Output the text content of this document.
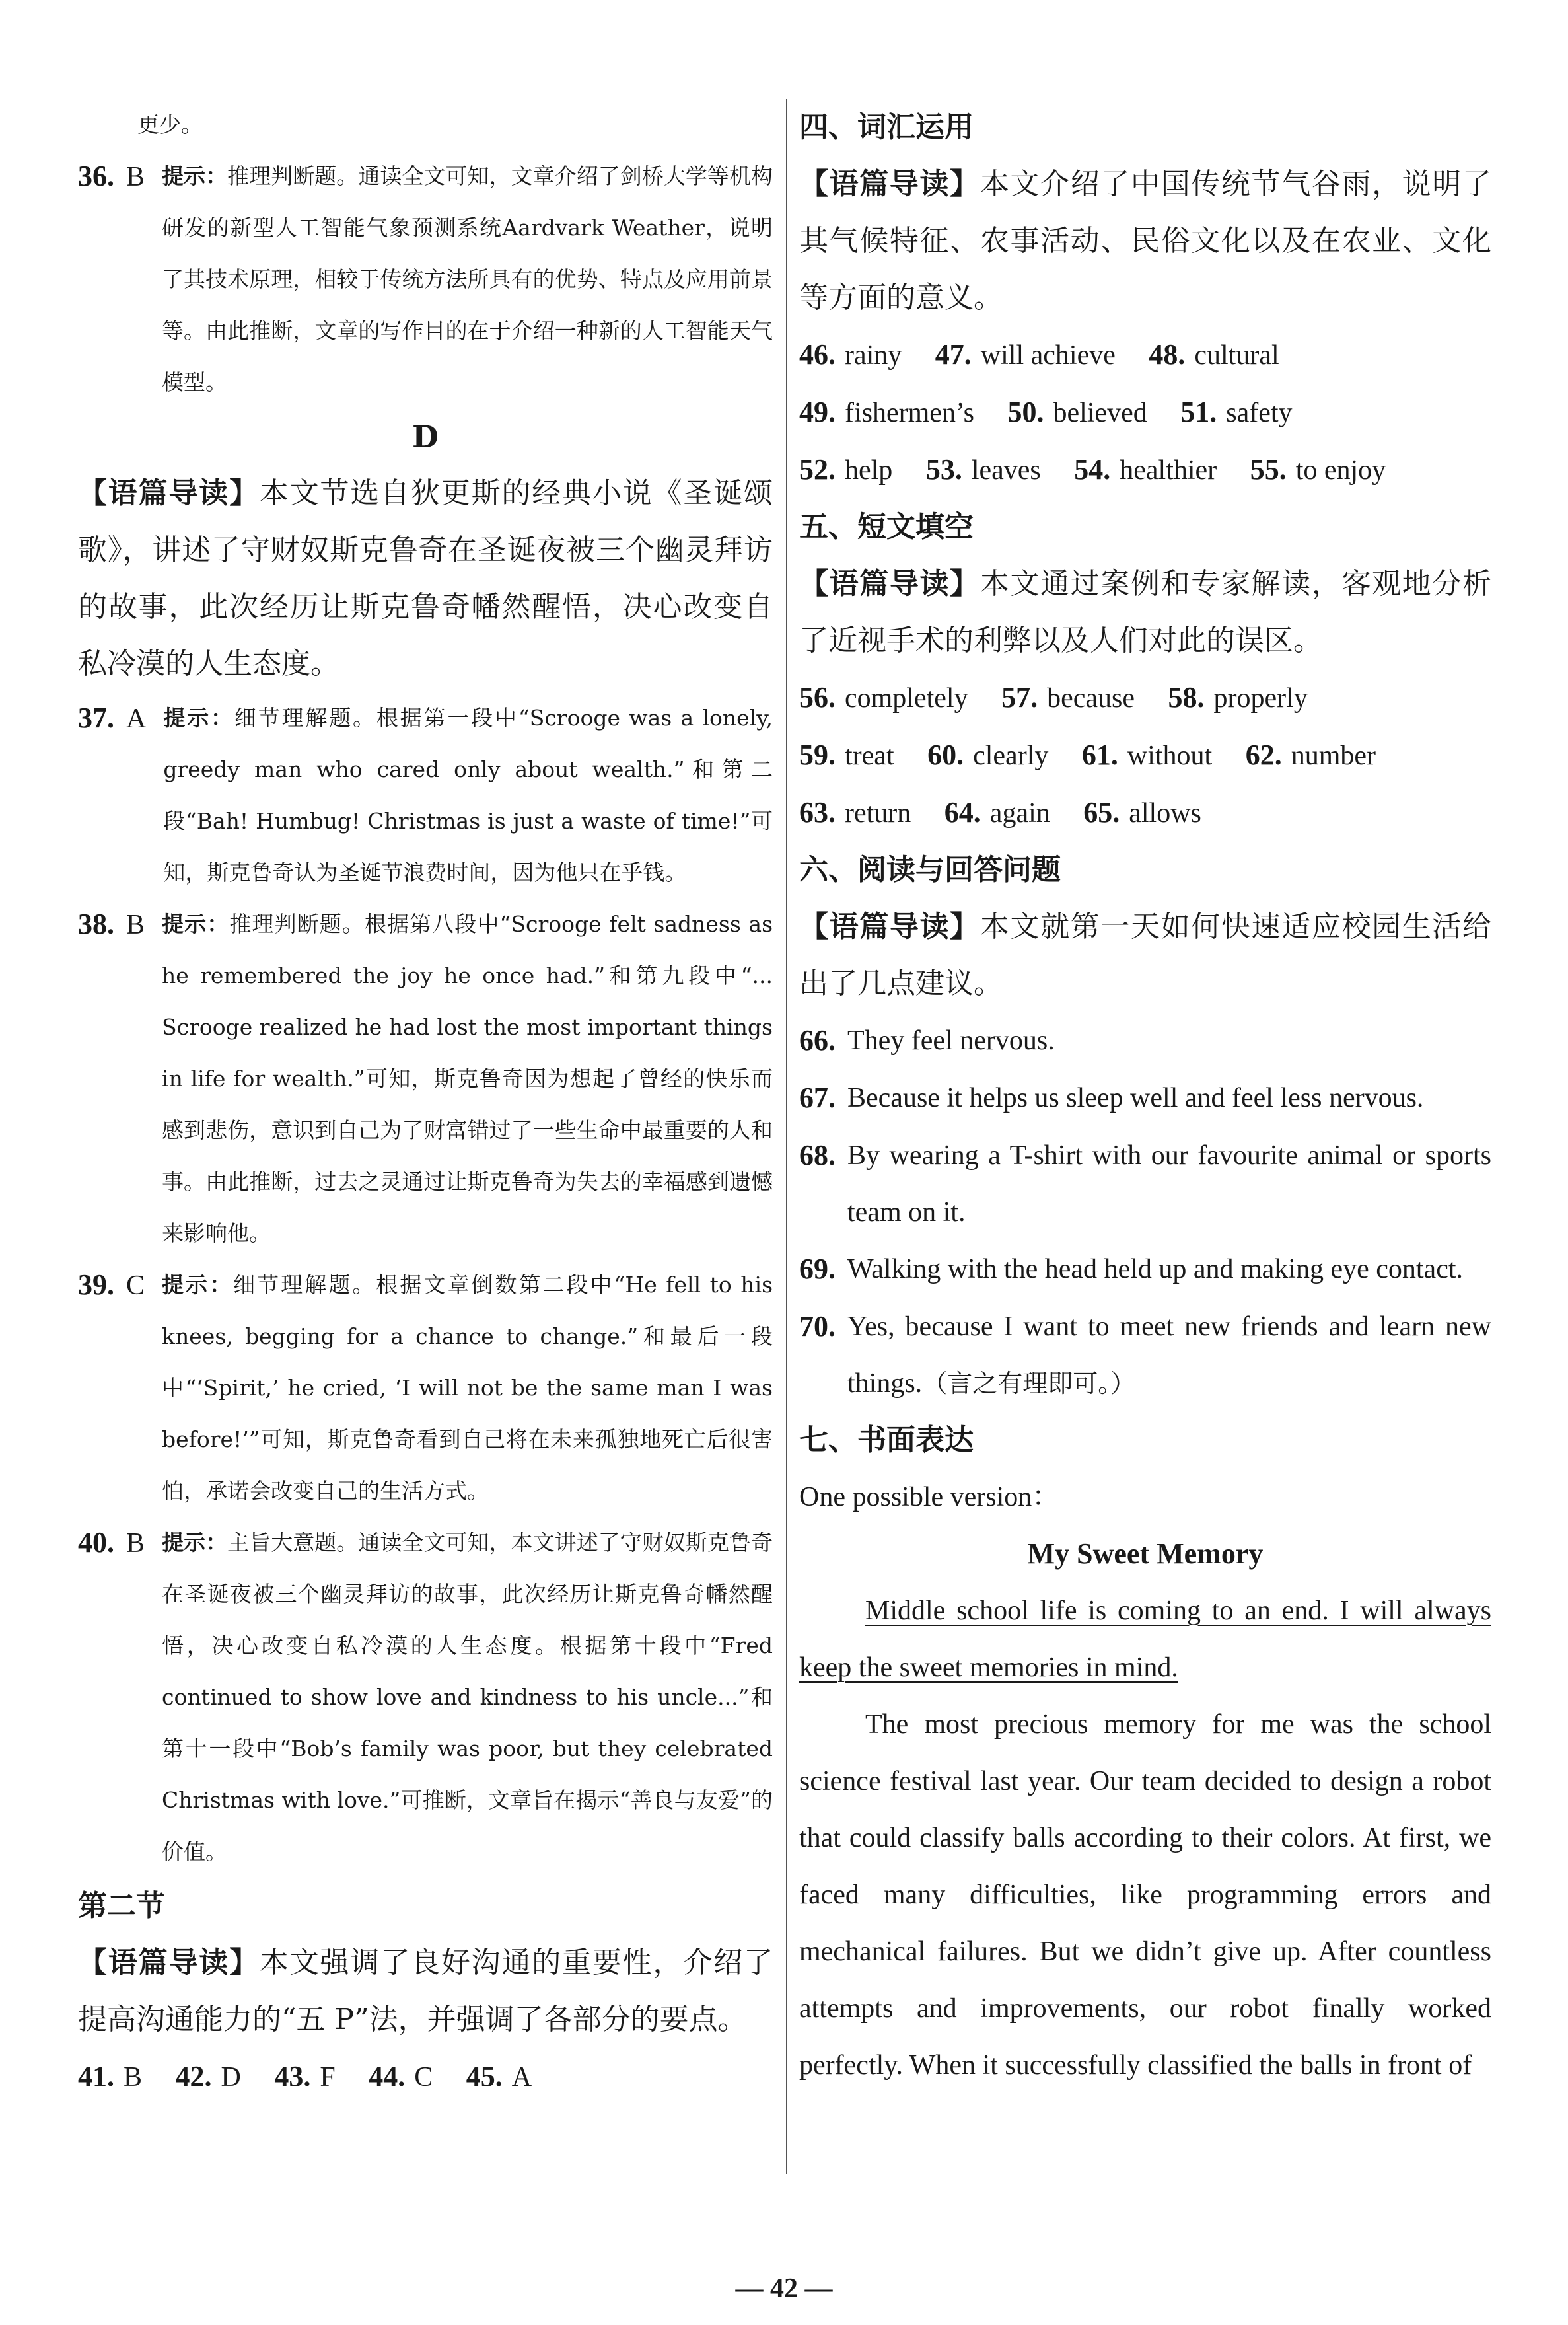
更少。
36. B 提示：推理判断题。通读全文可知，文章介绍了剑桥大学等机构研发的新型人工智能气象预测系统Aardvark Weather，说明了其技术原理，相较于传统方法所具有的优势、特点及应用前景等。由此推断，文章的写作目的在于介绍一种新的人工智能天气模型。
D
【语篇导读】本文节选自狄更斯的经典小说《圣诞颂歌》，讲述了守财奴斯克鲁奇在圣诞夜被三个幽灵拜访的故事，此次经历让斯克鲁奇幡然醒悟，决心改变自私冷漠的人生态度。
37. A 提示：细节理解题。根据第一段中“Scrooge was a lonely, greedy man who cared only about wealth.”和第二段“Bah! Humbug! Christmas is just a waste of time!”可知，斯克鲁奇认为圣诞节浪费时间，因为他只在乎钱。
38. B 提示：推理判断题。根据第八段中“Scrooge felt sadness as he remembered the joy he once had.”和第九段中“... Scrooge realized he had lost the most important things in life for wealth.”可知，斯克鲁奇因为想起了曾经的快乐而感到悲伤，意识到自己为了财富错过了一些生命中最重要的人和事。由此推断，过去之灵通过让斯克鲁奇为失去的幸福感到遗憾来影响他。
39. C 提示：细节理解题。根据文章倒数第二段中“He fell to his knees, begging for a chance to change.”和最后一段中“‘Spirit,’ he cried, ‘I will not be the same man I was before!’”可知，斯克鲁奇看到自己将在未来孤独地死亡后很害怕，承诺会改变自己的生活方式。
40. B 提示：主旨大意题。通读全文可知，本文讲述了守财奴斯克鲁奇在圣诞夜被三个幽灵拜访的故事，此次经历让斯克鲁奇幡然醒悟，决心改变自私冷漠的人生态度。根据第十段中“Fred continued to show love and kindness to his uncle...”和第十一段中“Bob’s family was poor, but they celebrated Christmas with love.”可推断，文章旨在揭示“善良与友爱”的价值。
第二节
【语篇导读】本文强调了良好沟通的重要性，介绍了提高沟通能力的“五 P”法，并强调了各部分的要点。
41. B 42. D 43. F 44. C 45. A
四、词汇运用
【语篇导读】本文介绍了中国传统节气谷雨，说明了其气候特征、农事活动、民俗文化以及在农业、文化等方面的意义。
46. rainy 47. will achieve 48. cultural
49. fishermen’s 50. believed 51. safety
52. help 53. leaves 54. healthier 55. to enjoy
五、短文填空
【语篇导读】本文通过案例和专家解读，客观地分析了近视手术的利弊以及人们对此的误区。
56. completely 57. because 58. properly
59. treat 60. clearly 61. without 62. number
63. return 64. again 65. allows
六、阅读与回答问题
【语篇导读】本文就第一天如何快速适应校园生活给出了几点建议。
66. They feel nervous.
67. Because it helps us sleep well and feel less nervous.
68. By wearing a T-shirt with our favourite animal or sports team on it.
69. Walking with the head held up and making eye contact.
70. Yes, because I want to meet new friends and learn new things.（言之有理即可。）
七、书面表达
One possible version：
My Sweet Memory
Middle school life is coming to an end. I will always keep the sweet memories in mind.
The most precious memory for me was the school science festival last year. Our team decided to design a robot that could classify balls according to their colors. At first, we faced many difficulties, like programming errors and mechanical failures. But we didn’t give up. After countless attempts and improvements, our robot finally worked perfectly. When it successfully classified the balls in front of
— 42 —
